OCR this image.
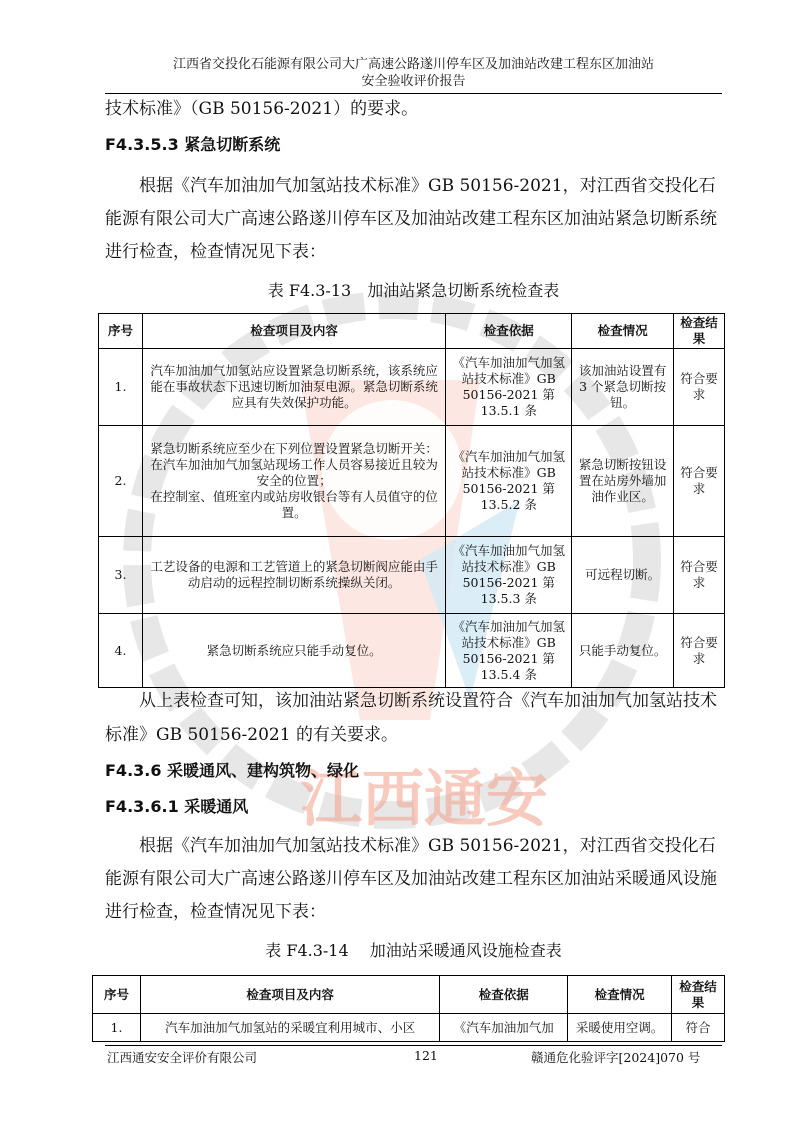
江西通安
江西省交投化石能源有限公司大广高速公路遂川停车区及加油站改建工程东区加油站
安全验收评价报告
技术标准》（GB 50156-2021）的要求。
F4.3.5.3 紧急切断系统
根据《汽车加油加气加氢站技术标准》GB 50156-2021，对江西省交投化石能源有限公司大广高速公路遂川停车区及加油站改建工程东区加油站紧急切断系统进行检查，检查情况见下表：
表 F4.3-13　加油站紧急切断系统检查表
序号	检查项目及内容	检查依据	检查情况	检查结果
1.	汽车加油加气加氢站应设置紧急切断系统，该系统应能在事故状态下迅速切断加油泵电源。紧急切断系统应具有失效保护功能。	《汽车加油加气加氢站技术标准》GB 50156-2021 第 13.5.1 条	该加油站设置有 3 个紧急切断按钮。	符合要求
2.	紧急切断系统应至少在下列位置设置紧急切断开关：
在汽车加油加气加氢站现场工作人员容易接近且较为安全的位置；
在控制室、值班室内或站房收银台等有人员值守的位置。	《汽车加油加气加氢站技术标准》GB 50156-2021 第 13.5.2 条	紧急切断按钮设置在站房外墙加油作业区。	符合要求
3.	工艺设备的电源和工艺管道上的紧急切断阀应能由手动启动的远程控制切断系统操纵关闭。	《汽车加油加气加氢站技术标准》GB 50156-2021 第 13.5.3 条	可远程切断。	符合要求
4.	紧急切断系统应只能手动复位。	《汽车加油加气加氢站技术标准》GB 50156-2021 第 13.5.4 条	只能手动复位。	符合要求
从上表检查可知，该加油站紧急切断系统设置符合《汽车加油加气加氢站技术标准》GB 50156-2021 的有关要求。
F4.3.6 采暖通风、建构筑物、绿化
F4.3.6.1 采暖通风
根据《汽车加油加气加氢站技术标准》GB 50156-2021，对江西省交投化石能源有限公司大广高速公路遂川停车区及加油站改建工程东区加油站采暖通风设施进行检查，检查情况见下表：
表 F4.3-14　 加油站采暖通风设施检查表
序号	检查项目及内容	检查依据	检查情况	检查结果
1.	汽车加油加气加氢站的采暖宜利用城市、小区	《汽车加油加气加	采暖使用空调。	符合
江西通安安全评价有限公司	121	赣通危化验评字[2024]070 号
